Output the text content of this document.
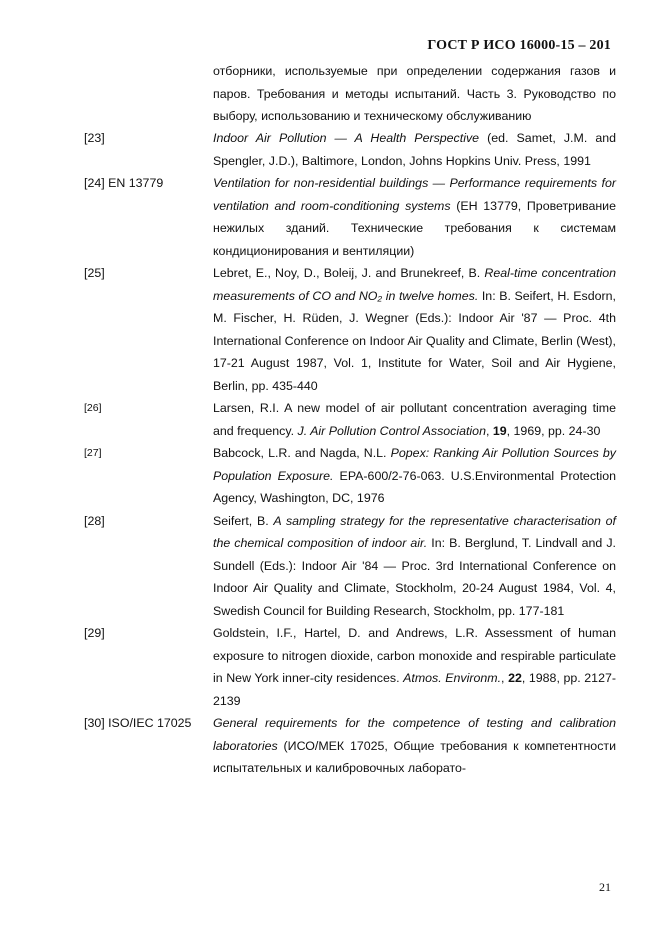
ГОСТ Р ИСО 16000-15 – 201
отборники, используемые при определении содержания газов и паров. Требования и методы испытаний. Часть 3. Руководство по выбору, использованию и техническому обслуживанию
[23]	Indoor Air Pollution — A Health Perspective (ed. Samet, J.M. and Spengler, J.D.), Baltimore, London, Johns Hopkins Univ. Press, 1991
[24] EN 13779	Ventilation for non-residential buildings — Performance requirements for ventilation and room-conditioning systems (ЕН 13779, Проветривание нежилых зданий. Технические требования к системам кондиционирования и вентиляции)
[25]	Lebret, E., Noy, D., Boleij, J. and Brunekreef, B. Real-time concentration measurements of CO and NO₂ in twelve homes. In: B. Seifert, H. Esdorn, M. Fischer, H. Rüden, J. Wegner (Eds.): Indoor Air '87 — Proc. 4th International Conference on Indoor Air Quality and Climate, Berlin (West), 17-21 August 1987, Vol. 1, Institute for Water, Soil and Air Hygiene, Berlin, pp. 435-440
[26]	Larsen, R.I. A new model of air pollutant concentration averaging time and frequency. J. Air Pollution Control Association, 19, 1969, pp. 24-30
[27]	Babcock, L.R. and Nagda, N.L. Popex: Ranking Air Pollution Sources by Population Exposure. EPA-600/2-76-063. U.S.Environmental Protection Agency, Washington, DC, 1976
[28]	Seifert, B. A sampling strategy for the representative characterisation of the chemical composition of indoor air. In: B. Berglund, T. Lindvall and J. Sundell (Eds.): Indoor Air '84 — Proc. 3rd International Conference on Indoor Air Quality and Climate, Stockholm, 20-24 August 1984, Vol. 4, Swedish Council for Building Research, Stockholm, pp. 177-181
[29]	Goldstein, I.F., Hartel, D. and Andrews, L.R. Assessment of human exposure to nitrogen dioxide, carbon monoxide and respirable particulate in New York inner-city residences. Atmos. Environm., 22, 1988, pp. 2127-2139
[30] ISO/IEC 17025	General requirements for the competence of testing and calibration laboratories (ИСО/МЕК 17025, Общие требования к компетентности испытательных и калибровочных лаборато-
21
